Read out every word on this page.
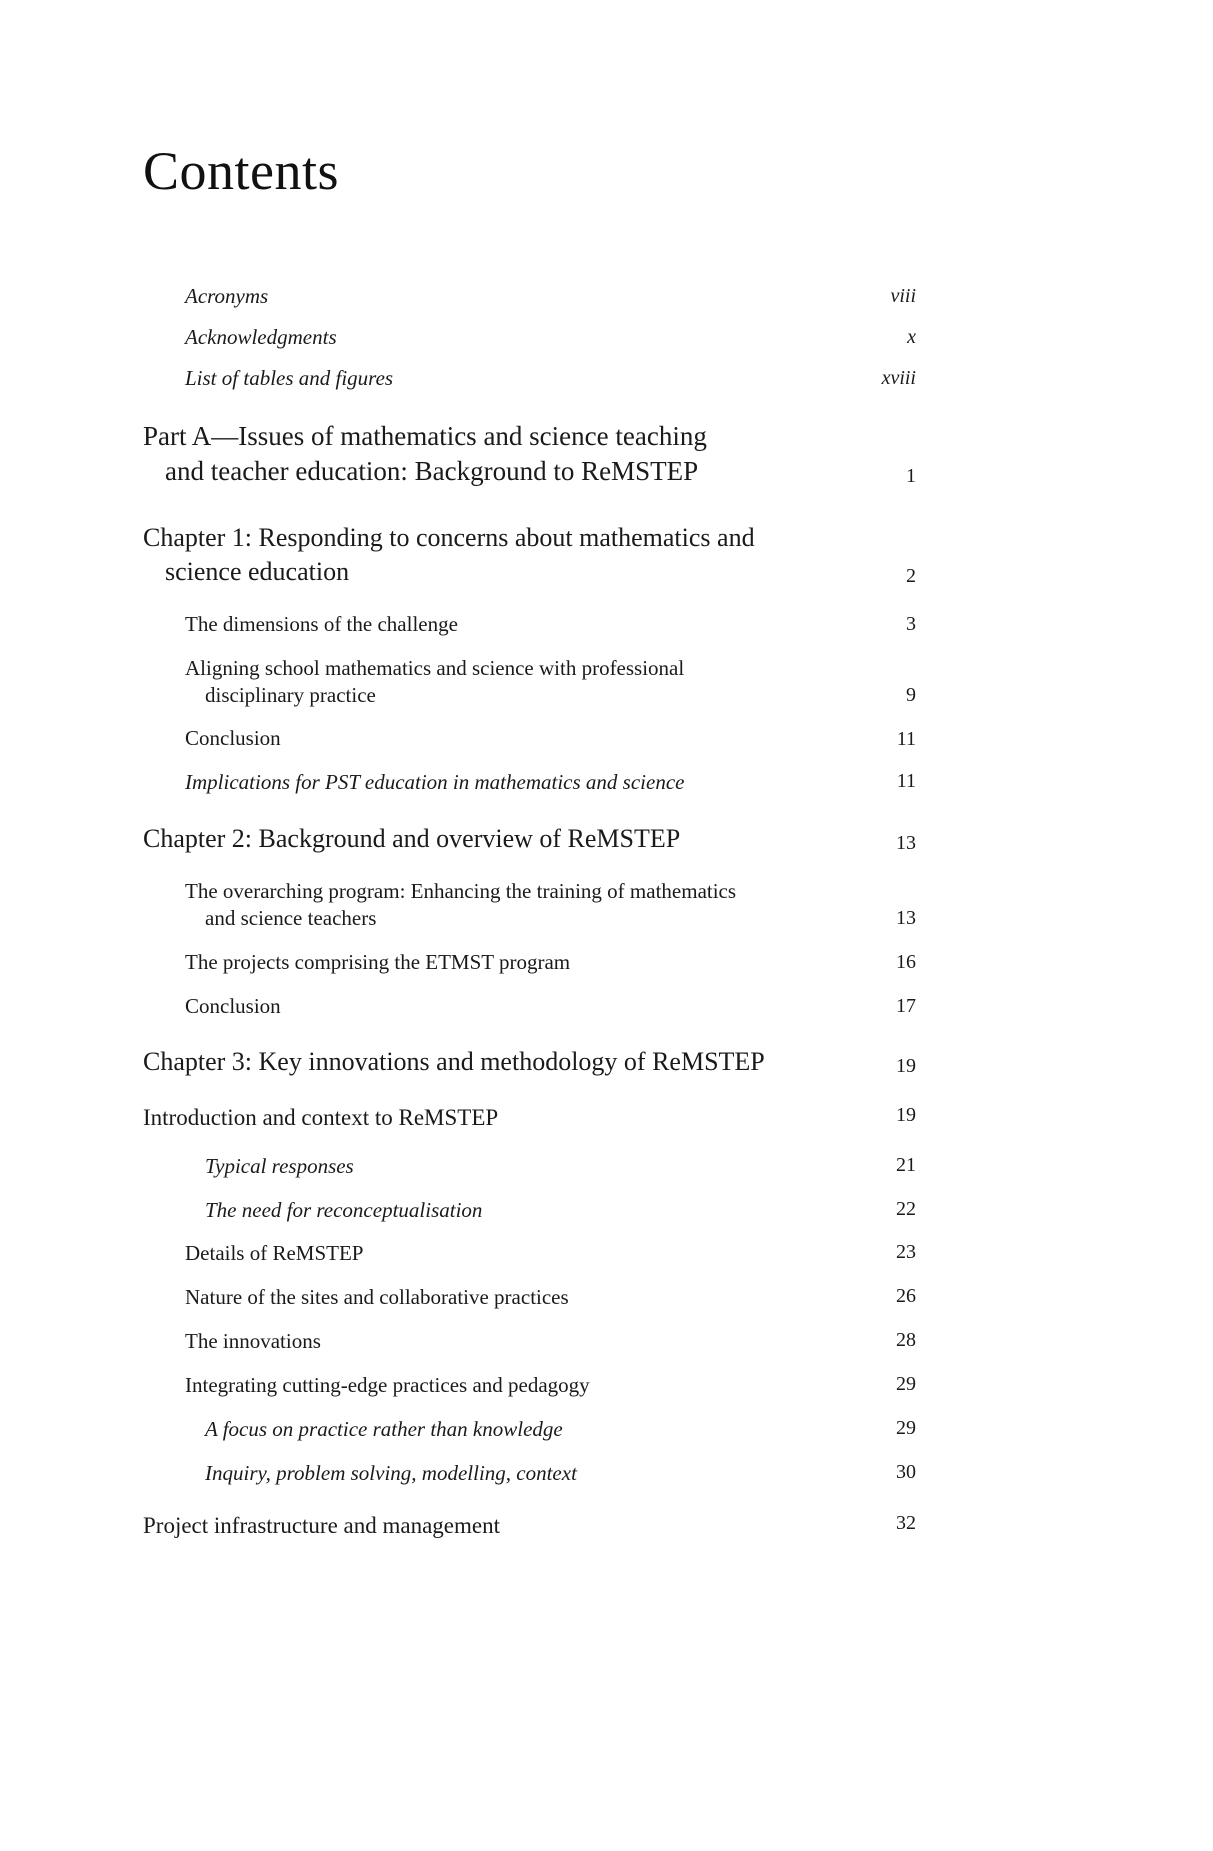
Contents
Acronyms	viii
Acknowledgments	x
List of tables and figures	xviii
Part A—Issues of mathematics and science teaching
and teacher education: Background to ReMSTEP	1
Chapter 1: Responding to concerns about mathematics and
science education	2
The dimensions of the challenge	3
Aligning school mathematics and science with professional
disciplinary practice	9
Conclusion	11
Implications for PST education in mathematics and science	11
Chapter 2: Background and overview of ReMSTEP	13
The overarching program: Enhancing the training of mathematics
and science teachers	13
The projects comprising the ETMST program	16
Conclusion	17
Chapter 3: Key innovations and methodology of ReMSTEP	19
Introduction and context to ReMSTEP	19
Typical responses	21
The need for reconceptualisation	22
Details of ReMSTEP	23
Nature of the sites and collaborative practices	26
The innovations	28
Integrating cutting-edge practices and pedagogy	29
A focus on practice rather than knowledge	29
Inquiry, problem solving, modelling, context	30
Project infrastructure and management	32
